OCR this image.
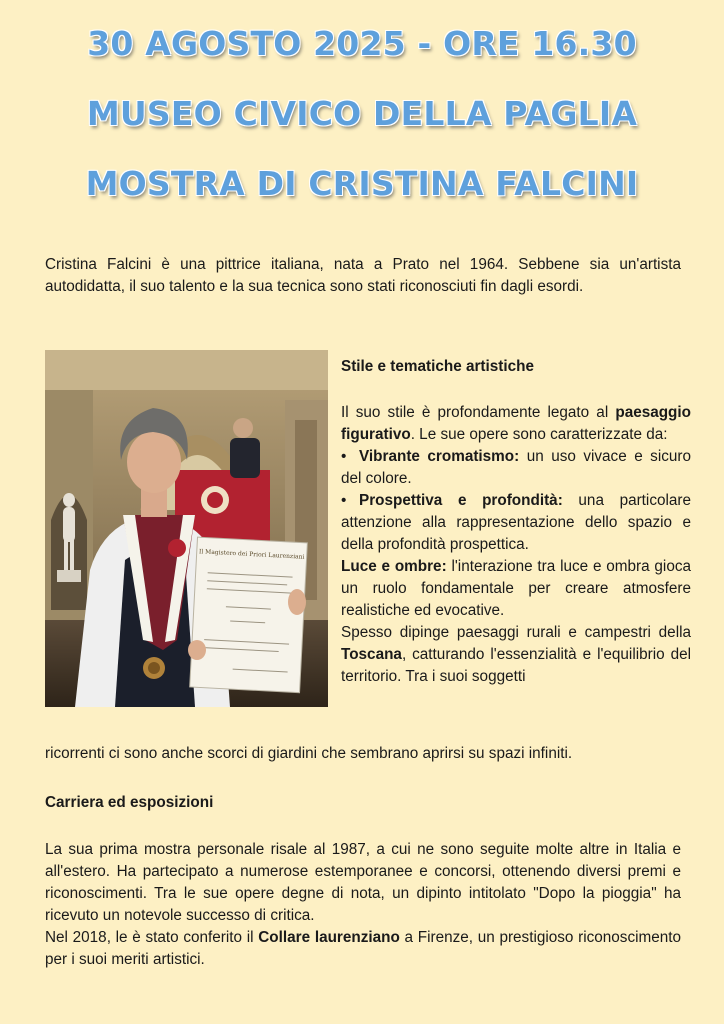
30 AGOSTO 2025 - ORE 16.30
MUSEO CIVICO DELLA PAGLIA
MOSTRA DI CRISTINA FALCINI

Cristina Falcini è una pittrice italiana, nata a Prato nel 1964. Sebbene sia un'artista autodidatta, il suo talento e la sua tecnica sono stati riconosciuti fin dagli esordi.

Il Magistero dei Priori Laurenziani
Stile e tematiche artistiche

Il suo stile è profondamente legato al paesaggio figurativo. Le sue opere sono caratterizzate da:

• Vibrante cromatismo: un uso vivace e sicuro del colore.

• Prospettiva e profondità: una particolare attenzione alla rappresentazione dello spazio e della profondità prospettica.

Luce e ombre: l'interazione tra luce e ombra gioca un ruolo fondamentale per creare atmosfere realistiche ed evocative.

Spesso dipinge paesaggi rurali e campestri della Toscana, catturando l'essenzialità e l'equilibrio del territorio. Tra i suoi soggetti

ricorrenti ci sono anche scorci di giardini che sembrano aprirsi su spazi infiniti.
Carriera ed esposizioni

La sua prima mostra personale risale al 1987, a cui ne sono seguite molte altre in Italia e all'estero. Ha partecipato a numerose estemporanee e concorsi, ottenendo diversi premi e riconoscimenti. Tra le sue opere degne di nota, un dipinto intitolato "Dopo la pioggia" ha ricevuto un notevole successo di critica.

Nel 2018, le è stato conferito il Collare laurenziano a Firenze, un prestigioso riconoscimento per i suoi meriti artistici.
